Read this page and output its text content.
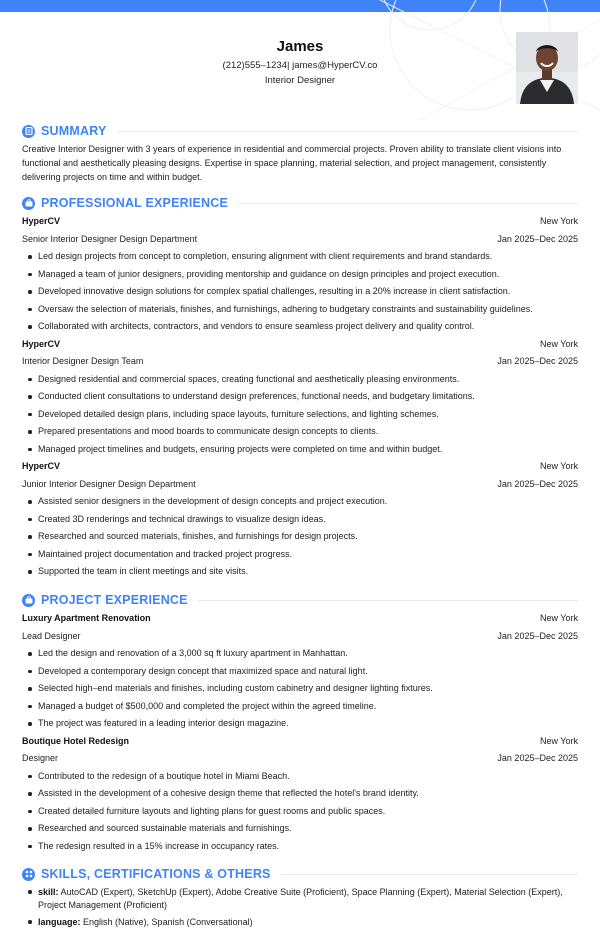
James
(212)555–1234| james@HyperCV.co
Interior Designer
SUMMARY
Creative Interior Designer with 3 years of experience in residential and commercial projects. Proven ability to translate client visions into functional and aesthetically pleasing designs. Expertise in space planning, material selection, and project management, consistently delivering projects on time and within budget.
PROFESSIONAL EXPERIENCE
HyperCV	New York
Senior Interior Designer Design Department	Jan 2025–Dec 2025
Led design projects from concept to completion, ensuring alignment with client requirements and brand standards.
Managed a team of junior designers, providing mentorship and guidance on design principles and project execution.
Developed innovative design solutions for complex spatial challenges, resulting in a 20% increase in client satisfaction.
Oversaw the selection of materials, finishes, and furnishings, adhering to budgetary constraints and sustainability guidelines.
Collaborated with architects, contractors, and vendors to ensure seamless project delivery and quality control.
HyperCV	New York
Interior Designer Design Team	Jan 2025–Dec 2025
Designed residential and commercial spaces, creating functional and aesthetically pleasing environments.
Conducted client consultations to understand design preferences, functional needs, and budgetary limitations.
Developed detailed design plans, including space layouts, furniture selections, and lighting schemes.
Prepared presentations and mood boards to communicate design concepts to clients.
Managed project timelines and budgets, ensuring projects were completed on time and within budget.
HyperCV	New York
Junior Interior Designer Design Department	Jan 2025–Dec 2025
Assisted senior designers in the development of design concepts and project execution.
Created 3D renderings and technical drawings to visualize design ideas.
Researched and sourced materials, finishes, and furnishings for design projects.
Maintained project documentation and tracked project progress.
Supported the team in client meetings and site visits.
PROJECT EXPERIENCE
Luxury Apartment Renovation	New York
Lead Designer	Jan 2025–Dec 2025
Led the design and renovation of a 3,000 sq ft luxury apartment in Manhattan.
Developed a contemporary design concept that maximized space and natural light.
Selected high–end materials and finishes, including custom cabinetry and designer lighting fixtures.
Managed a budget of $500,000 and completed the project within the agreed timeline.
The project was featured in a leading interior design magazine.
Boutique Hotel Redesign	New York
Designer	Jan 2025–Dec 2025
Contributed to the redesign of a boutique hotel in Miami Beach.
Assisted in the development of a cohesive design theme that reflected the hotel's brand identity.
Created detailed furniture layouts and lighting plans for guest rooms and public spaces.
Researched and sourced sustainable materials and furnishings.
The redesign resulted in a 15% increase in occupancy rates.
SKILLS, CERTIFICATIONS & OTHERS
skill: AutoCAD (Expert), SketchUp (Expert), Adobe Creative Suite (Proficient), Space Planning (Expert), Material Selection (Expert), Project Management (Proficient)
language: English (Native), Spanish (Conversational)
